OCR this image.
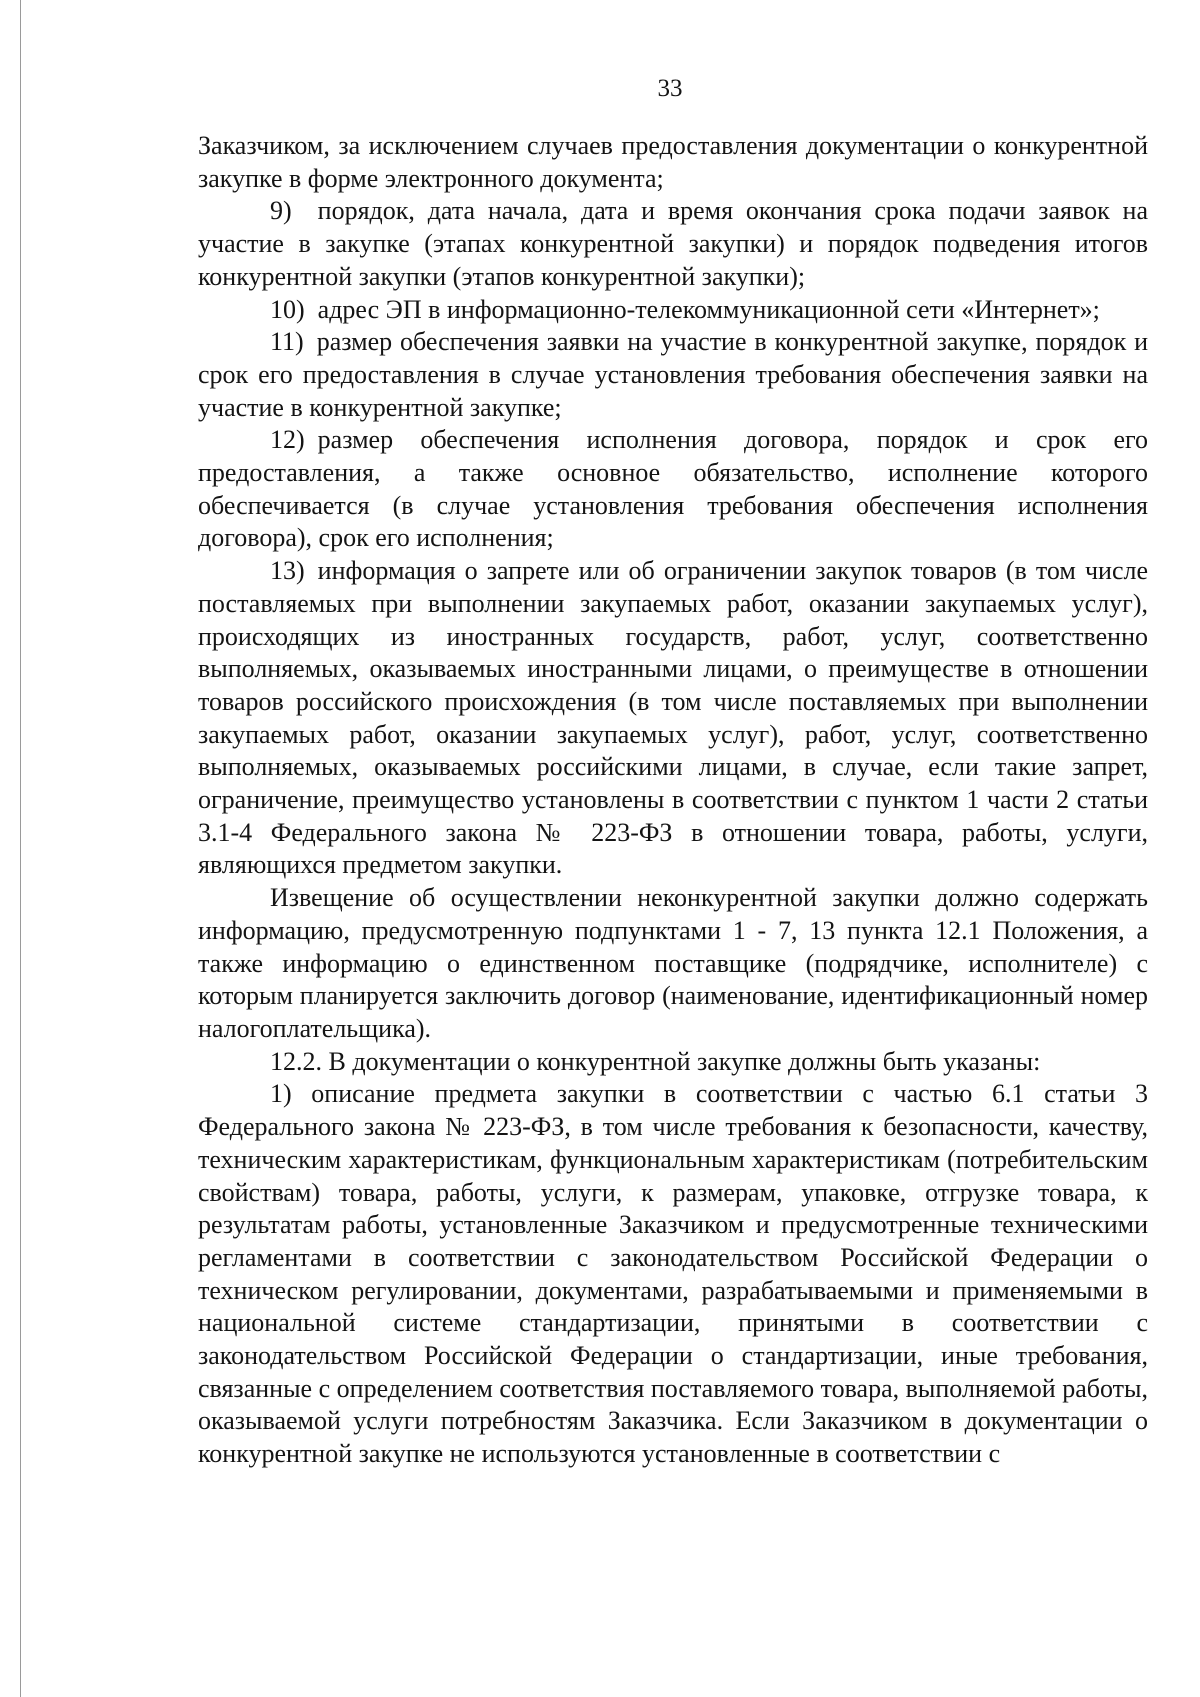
33

Заказчиком, за исключением случаев предоставления документации о конкурентной закупке в форме электронного документа;

9) порядок, дата начала, дата и время окончания срока подачи заявок на участие в закупке (этапах конкурентной закупки) и порядок подведения итогов конкурентной закупки (этапов конкурентной закупки);

10) адрес ЭП в информационно-телекоммуникационной сети «Интернет»;

11) размер обеспечения заявки на участие в конкурентной закупке, порядок и срок его предоставления в случае установления требования обеспечения заявки на участие в конкурентной закупке;

12) размер обеспечения исполнения договора, порядок и срок его предоставления, а также основное обязательство, исполнение которого обеспечивается (в случае установления требования обеспечения исполнения договора), срок его исполнения;

13) информация о запрете или об ограничении закупок товаров (в том числе поставляемых при выполнении закупаемых работ, оказании закупаемых услуг), происходящих из иностранных государств, работ, услуг, соответственно выполняемых, оказываемых иностранными лицами, о преимуществе в отношении товаров российского происхождения (в том числе поставляемых при выполнении закупаемых работ, оказании закупаемых услуг), работ, услуг, соответственно выполняемых, оказываемых российскими лицами, в случае, если такие запрет, ограничение, преимущество установлены в соответствии с пунктом 1 части 2 статьи 3.1-4 Федерального закона № 223-ФЗ в отношении товара, работы, услуги, являющихся предметом закупки.

Извещение об осуществлении неконкурентной закупки должно содержать информацию, предусмотренную подпунктами 1 - 7, 13 пункта 12.1 Положения, а также информацию о единственном поставщике (подрядчике, исполнителе) с которым планируется заключить договор (наименование, идентификационный номер налогоплательщика).

12.2. В документации о конкурентной закупке должны быть указаны:

1) описание предмета закупки в соответствии с частью 6.1 статьи 3 Федерального закона № 223-ФЗ, в том числе требования к безопасности, качеству, техническим характеристикам, функциональным характеристикам (потребительским свойствам) товара, работы, услуги, к размерам, упаковке, отгрузке товара, к результатам работы, установленные Заказчиком и предусмотренные техническими регламентами в соответствии с законодательством Российской Федерации о техническом регулировании, документами, разрабатываемыми и применяемыми в национальной системе стандартизации, принятыми в соответствии с законодательством Российской Федерации о стандартизации, иные требования, связанные с определением соответствия поставляемого товара, выполняемой работы, оказываемой услуги потребностям Заказчика. Если Заказчиком в документации о конкурентной закупке не используются установленные в соответствии с
